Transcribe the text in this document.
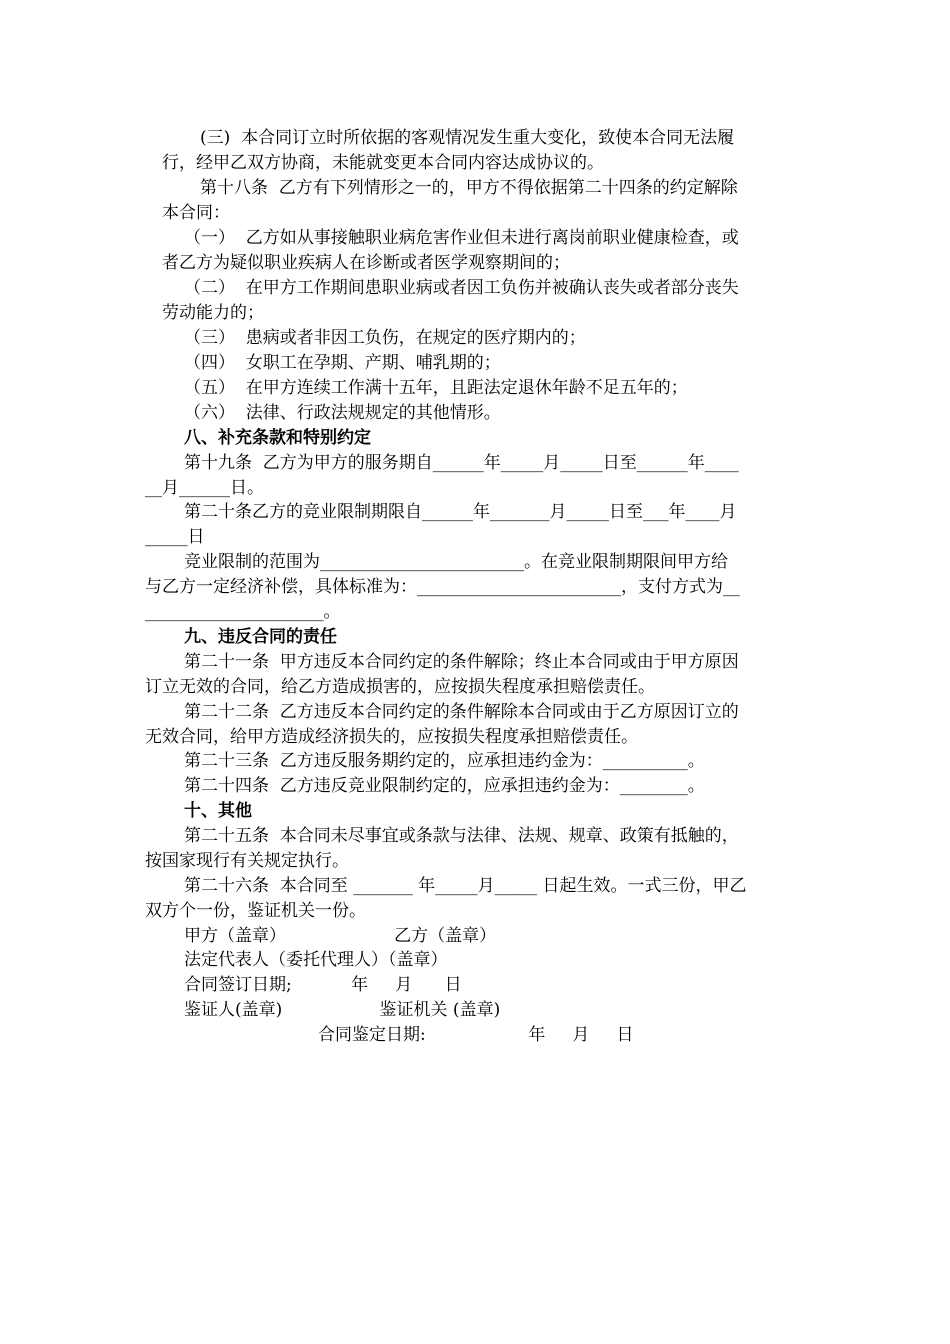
(三)  本合同订立时所依据的客观情况发生重大变化，致使本合同无法履
行，经甲乙双方协商，未能就变更本合同内容达成协议的。
第十八条  乙方有下列情形之一的，甲方不得依据第二十四条的约定解除
本合同：
（一）  乙方如从事接触职业病危害作业但未进行离岗前职业健康检查，或
者乙方为疑似职业疾病人在诊断或者医学观察期间的；
（二）  在甲方工作期间患职业病或者因工负伤并被确认丧失或者部分丧失
劳动能力的；
（三）  患病或者非因工负伤，在规定的医疗期内的；
（四）  女职工在孕期、产期、哺乳期的；
（五）  在甲方连续工作满十五年，且距法定退休年龄不足五年的；
（六）  法律、行政法规规定的其他情形。
八、补充条款和特别约定
第十九条  乙方为甲方的服务期自______年_____月_____日至______年____
__月______日。
第二十条乙方的竞业限制期限自______年_______月_____日至___年____月
_____日
竞业限制的范围为________________________。在竞业限制期限间甲方给
与乙方一定经济补偿，具体标准为：________________________，支付方式为__
_____________________。
九、违反合同的责任
第二十一条  甲方违反本合同约定的条件解除；终止本合同或由于甲方原因
订立无效的合同，给乙方造成损害的，应按损失程度承担赔偿责任。
第二十二条  乙方违反本合同约定的条件解除本合同或由于乙方原因订立的
无效合同，给甲方造成经济损失的，应按损失程度承担赔偿责任。
第二十三条  乙方违反服务期约定的，应承担违约金为：__________。
第二十四条  乙方违反竞业限制约定的，应承担违约金为：________。
十、其他
第二十五条  本合同未尽事宜或条款与法律、法规、规章、政策有抵触的，
按国家现行有关规定执行。
第二十六条  本合同至 _______ 年_____月_____ 日起生效。一式三份，甲乙
双方个一份，鉴证机关一份。
甲方（盖章）                    乙方（盖章）
法定代表人（委托代理人）（盖章）
合同签订日期;           年     月      日
鉴证人(盖章)                  鉴证机关 (盖章)
合同鉴定日期:                   年     月     日
